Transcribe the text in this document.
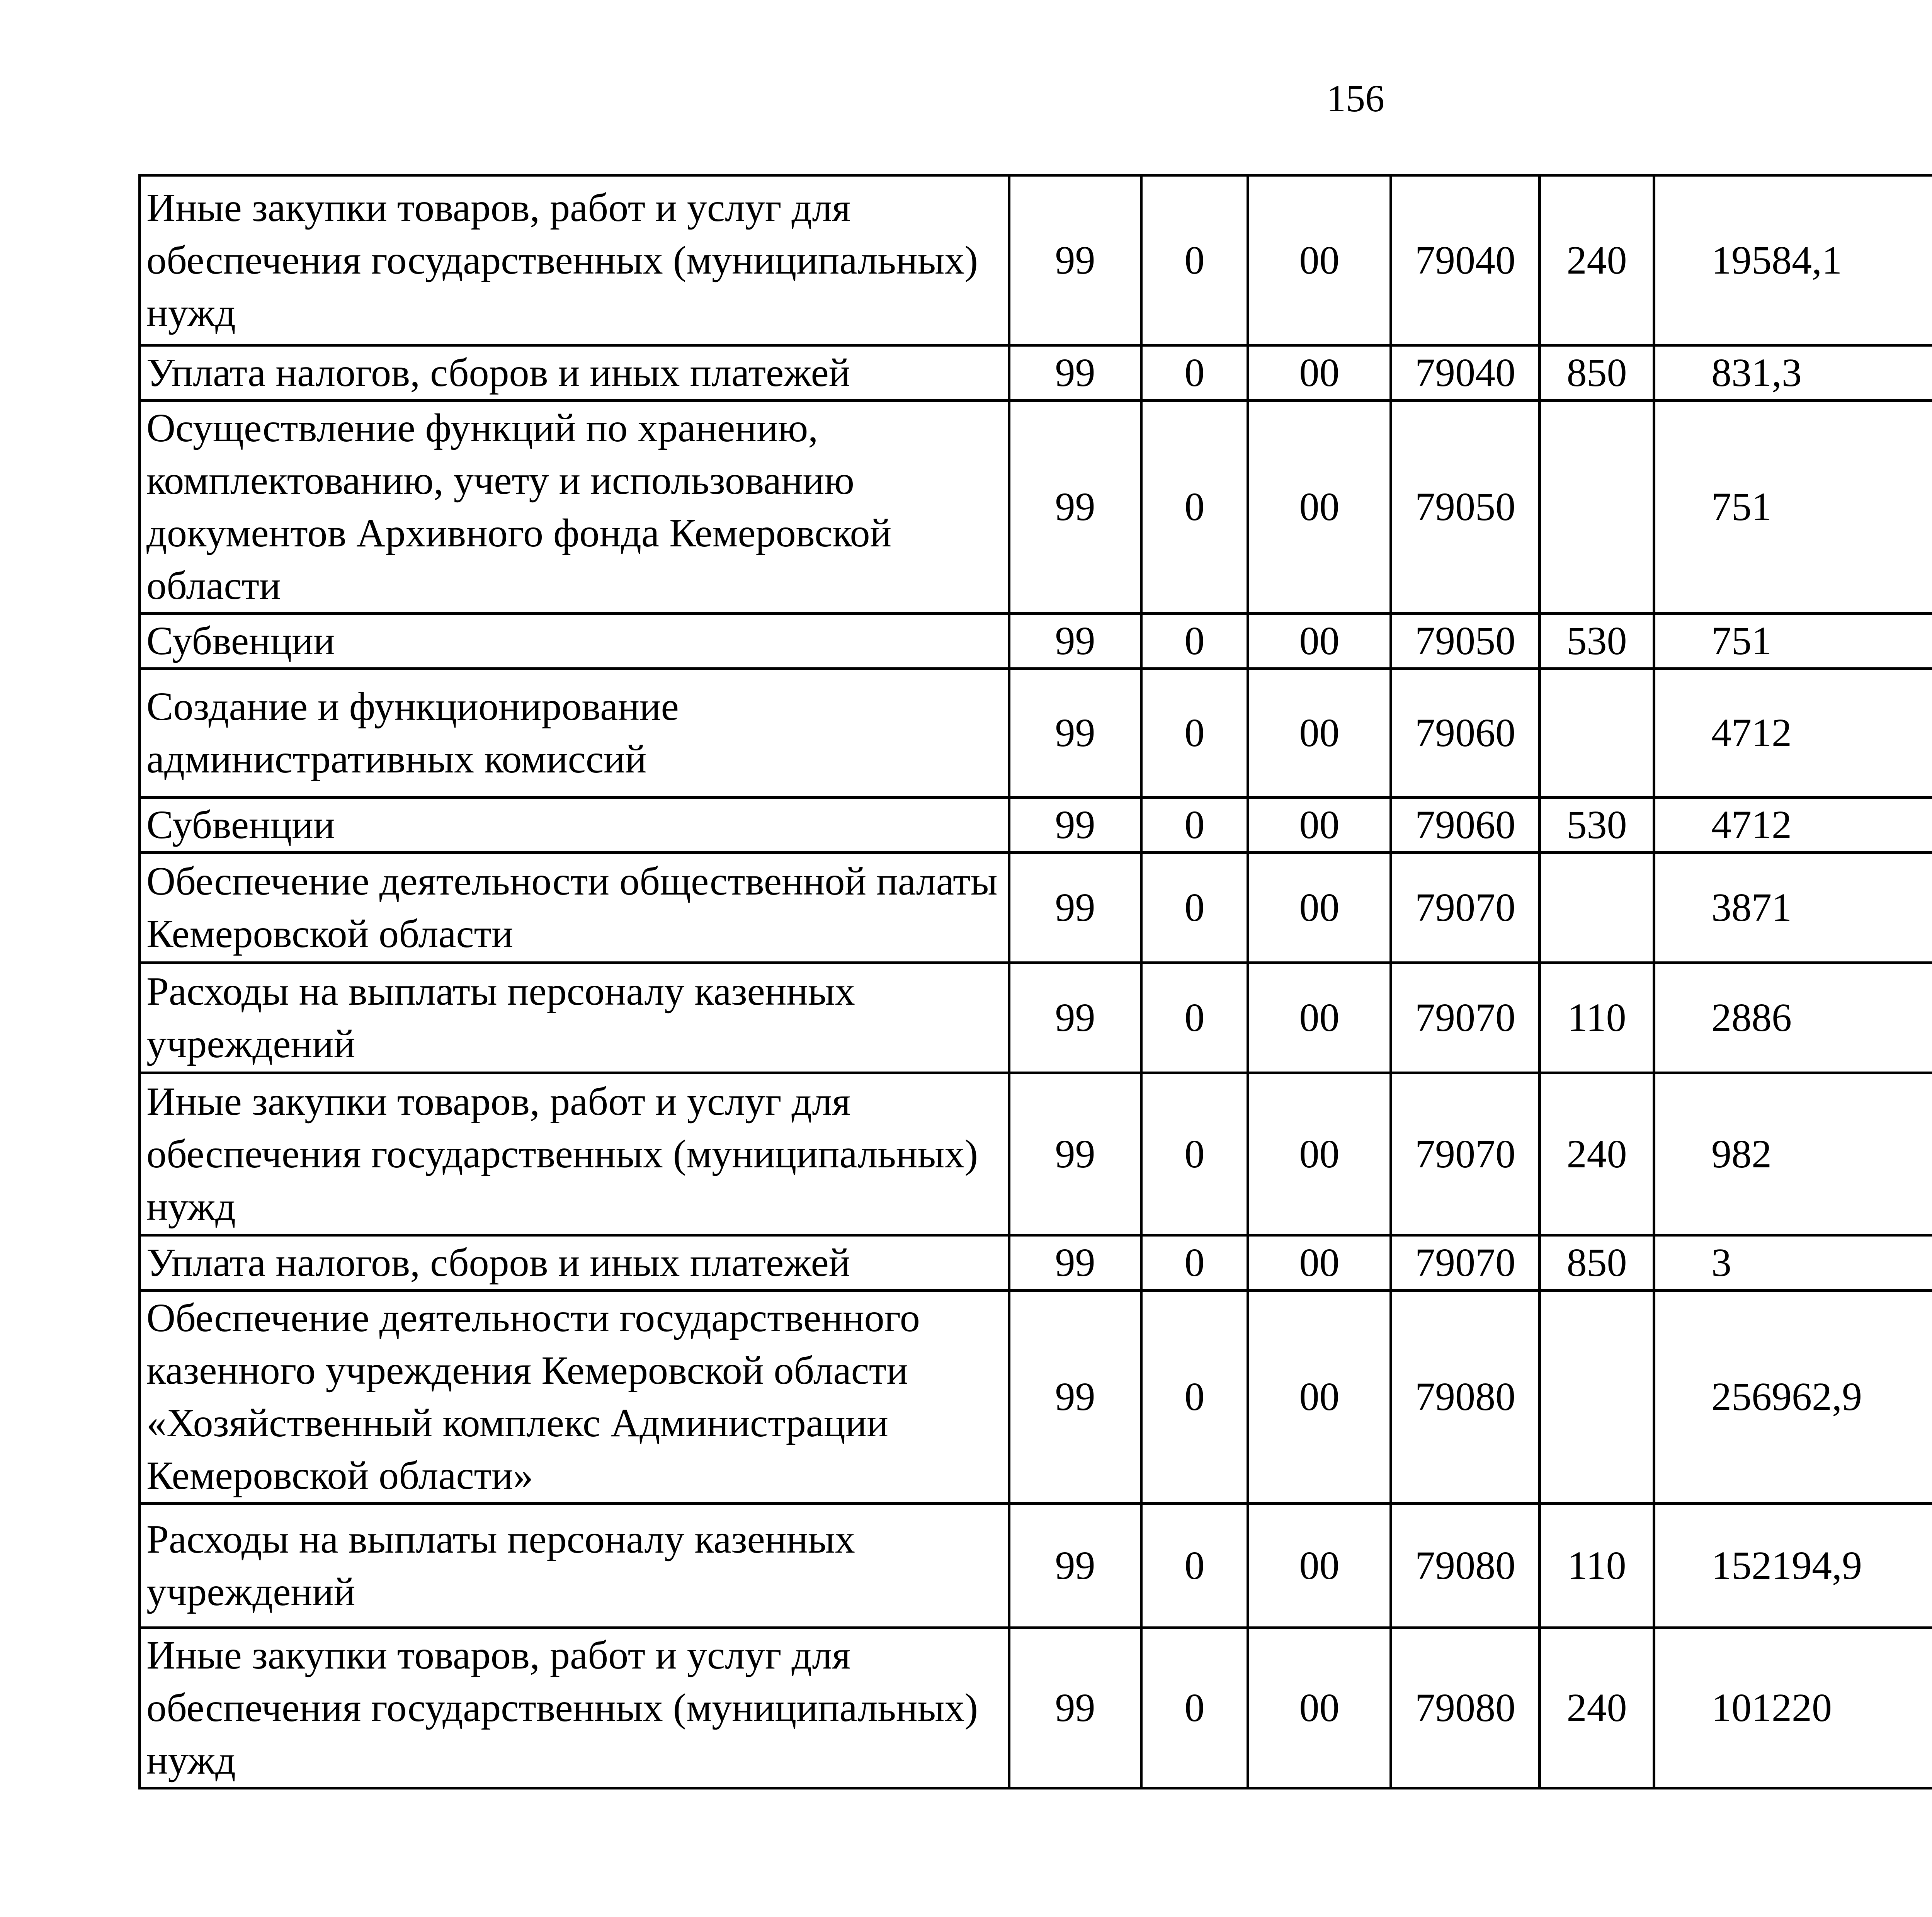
156
Иные закупки товаров, работ и услуг для обеспечения государственных (муниципальных) нужд	99	0	00	79040	240	19584,1		
Уплата налогов, сборов и иных платежей	99	0	00	79040	850	831,3		
Осуществление функций по хранению, комплектованию, учету и использованию документов Архивного фонда Кемеровской области	99	0	00	79050		751		
Субвенции	99	0	00	79050	530	751		
Создание и функционирование административных комиссий	99	0	00	79060		4712		
Субвенции	99	0	00	79060	530	4712		
Обеспечение деятельности общественной палаты Кемеровской области	99	0	00	79070		3871		
Расходы на выплаты персоналу казенных учреждений	99	0	00	79070	110	2886		
Иные закупки товаров, работ и услуг для обеспечения государственных (муниципальных) нужд	99	0	00	79070	240	982		
Уплата налогов, сборов и иных платежей	99	0	00	79070	850	3		
Обеспечение деятельности государственного казенного учреждения Кемеровской области «Хозяйственный комплекс Администрации Кемеровской области»	99	0	00	79080		256962,9		
Расходы на выплаты персоналу казенных учреждений	99	0	00	79080	110	152194,9		
Иные закупки товаров, работ и услуг для обеспечения государственных (муниципальных) нужд	99	0	00	79080	240	101220		
